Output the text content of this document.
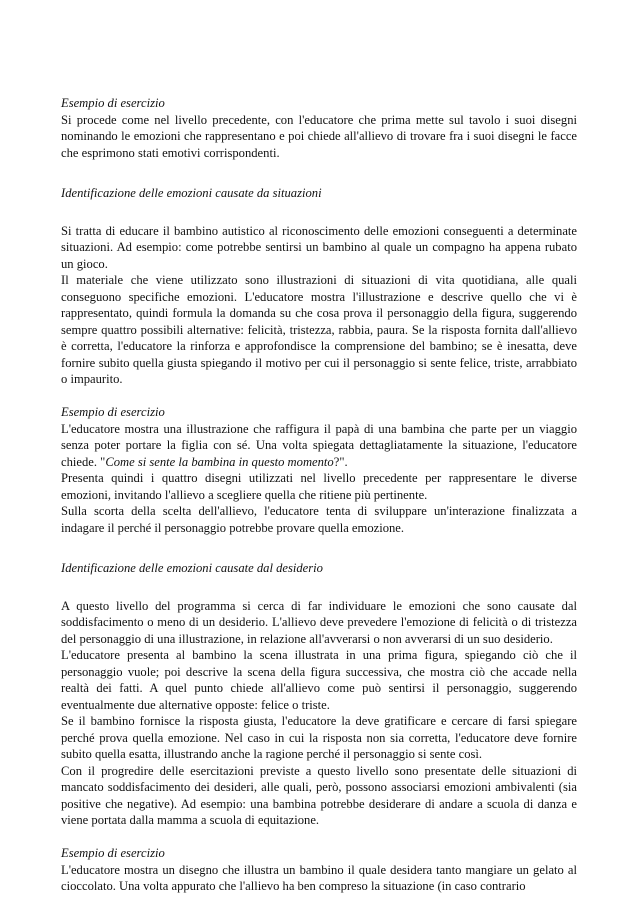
Esempio di esercizio

Si procede come nel livello precedente, con l'educatore che prima mette sul tavolo i suoi disegni nominando le emozioni che rappresentano e poi chiede all'allievo di trovare fra i suoi disegni le facce che esprimono stati emotivi corrispondenti.

Identificazione delle emozioni causate da situazioni

Si tratta di educare il bambino autistico al riconoscimento delle emozioni conseguenti a determinate situazioni. Ad esempio: come potrebbe sentirsi un bambino al quale un compagno ha appena rubato un gioco.

Il materiale che viene utilizzato sono illustrazioni di situazioni di vita quotidiana, alle quali conseguono specifiche emozioni. L'educatore mostra l'illustrazione e descrive quello che vi è rappresentato, quindi formula la domanda su che cosa prova il personaggio della figura, suggerendo sempre quattro possibili alternative: felicità, tristezza, rabbia, paura. Se la risposta fornita dall'allievo è corretta, l'educatore la rinforza e approfondisce la comprensione del bambino; se è inesatta, deve fornire subito quella giusta spiegando il motivo per cui il personaggio si sente felice, triste, arrabbiato o impaurito.

Esempio di esercizio

L'educatore mostra una illustrazione che raffigura il papà di una bambina che parte per un viaggio senza poter portare la figlia con sé. Una volta spiegata dettagliatamente la situazione, l'educatore chiede. "Come si sente la bambina in questo momento?".

Presenta quindi i quattro disegni utilizzati nel livello precedente per rappresentare le diverse emozioni, invitando l'allievo a scegliere quella che ritiene più pertinente.

Sulla scorta della scelta dell'allievo, l'educatore tenta di sviluppare un'interazione finalizzata a indagare il perché il personaggio potrebbe provare quella emozione.

Identificazione delle emozioni causate dal desiderio

A questo livello del programma si cerca di far individuare le emozioni che sono causate dal soddisfacimento o meno di un desiderio. L'allievo deve prevedere l'emozione di felicità o di tristezza del personaggio di una illustrazione, in relazione all'avverarsi o non avverarsi di un suo desiderio.

L'educatore presenta al bambino la scena illustrata in una prima figura, spiegando ciò che il personaggio vuole; poi descrive la scena della figura successiva, che mostra ciò che accade nella realtà dei fatti. A quel punto chiede all'allievo come può sentirsi il personaggio, suggerendo eventualmente due alternative opposte: felice o triste.

Se il bambino fornisce la risposta giusta, l'educatore la deve gratificare e cercare di farsi spiegare perché prova quella emozione. Nel caso in cui la risposta non sia corretta, l'educatore deve fornire subito quella esatta, illustrando anche la ragione perché il personaggio si sente così.

Con il progredire delle esercitazioni previste a questo livello sono presentate delle situazioni di mancato soddisfacimento dei desideri, alle quali, però, possono associarsi emozioni ambivalenti (sia positive che negative). Ad esempio: una bambina potrebbe desiderare di andare a scuola di danza e viene portata dalla mamma a scuola di equitazione.

Esempio di esercizio

L'educatore mostra un disegno che illustra un bambino il quale desidera tanto mangiare un gelato al cioccolato. Una volta appurato che l'allievo ha ben compreso la situazione (in caso contrario
